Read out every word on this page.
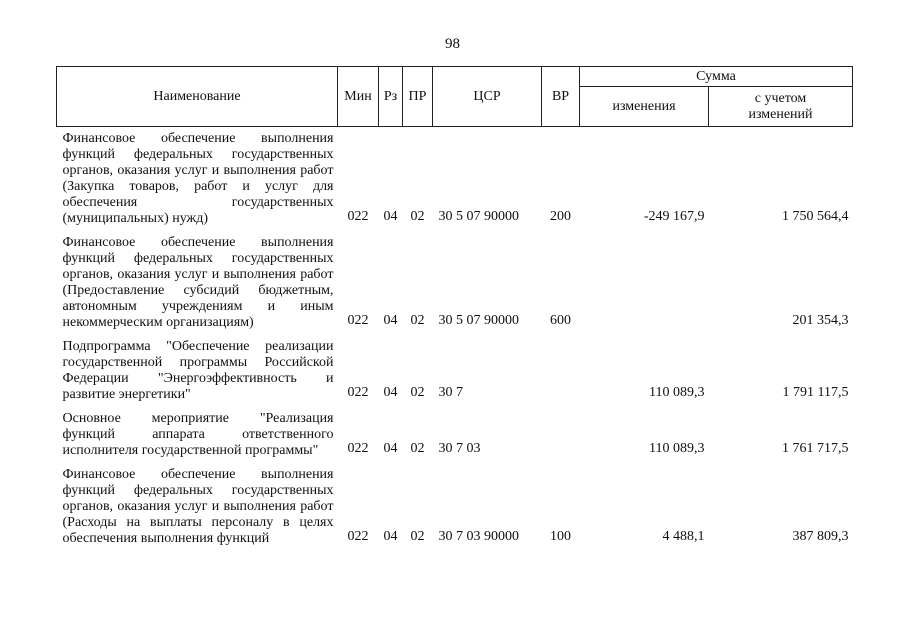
98
Наименование	Мин	Рз	ПР	ЦСР	ВР	Сумма	
						изменения	с учетом изменений

Финансовое обеспечение выполнения функций федеральных государственных органов, оказания услуг и выполнения работ (Закупка товаров, работ и услуг для обеспечения государственных (муниципальных) нужд)	022	04	02	30 5 07 90000	200	-249 167,9	1 750 564,4

Финансовое обеспечение выполнения функций федеральных государственных органов, оказания услуг и выполнения работ (Предоставление субсидий бюджетным, автономным учреждениям и иным некоммерческим организациям)	022	04	02	30 5 07 90000	600		201 354,3

Подпрограмма "Обеспечение реализации государственной программы Российской Федерации "Энергоэффективность и развитие энергетики"	022	04	02	30 7		110 089,3	1 791 117,5

Основное мероприятие "Реализация функций аппарата ответственного исполнителя государственной программы"	022	04	02	30 7 03		110 089,3	1 761 717,5

Финансовое обеспечение выполнения функций федеральных государственных органов, оказания услуг и выполнения работ (Расходы на выплаты персоналу в целях обеспечения выполнения функций	022	04	02	30 7 03 90000	100	4 488,1	387 809,3
